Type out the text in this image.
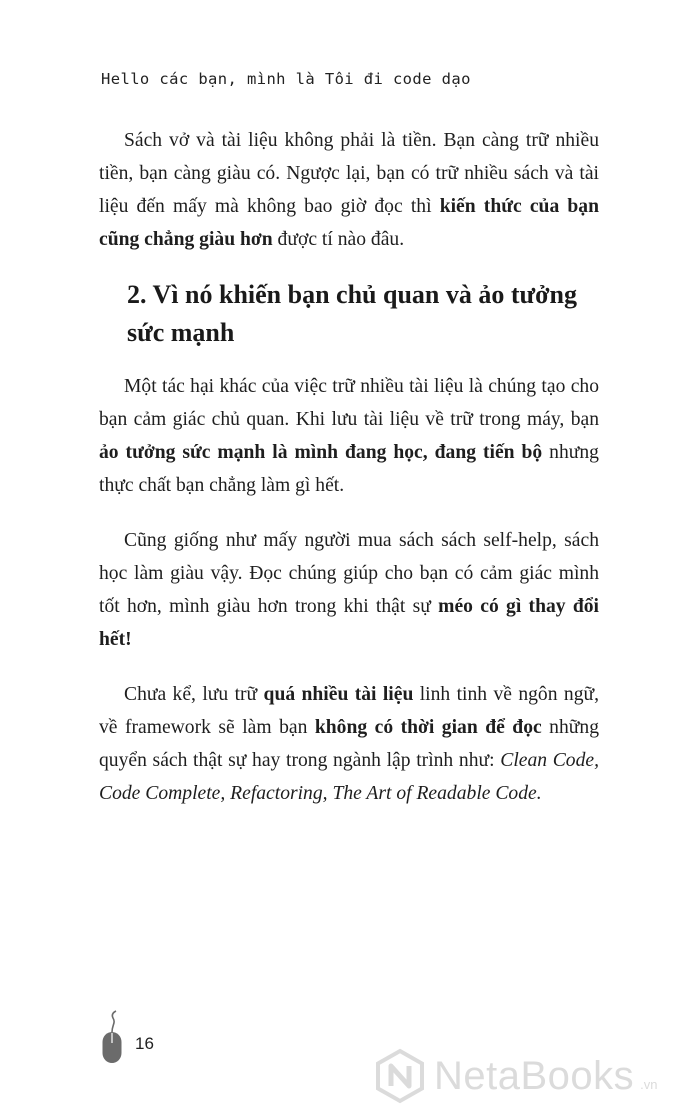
Hello các bạn, mình là Tôi đi code dạo

Sách vở và tài liệu không phải là tiền. Bạn càng trữ nhiều tiền, bạn càng giàu có. Ngược lại, bạn có trữ nhiều sách và tài liệu đến mấy mà không bao giờ đọc thì kiến thức của bạn cũng chẳng giàu hơn được tí nào đâu.

2. Vì nó khiến bạn chủ quan và ảo tưởng sức mạnh

Một tác hại khác của việc trữ nhiều tài liệu là chúng tạo cho bạn cảm giác chủ quan. Khi lưu tài liệu về trữ trong máy, bạn ảo tưởng sức mạnh là mình đang học, đang tiến bộ nhưng thực chất bạn chẳng làm gì hết.

Cũng giống như mấy người mua sách sách self-help, sách học làm giàu vậy. Đọc chúng giúp cho bạn có cảm giác mình tốt hơn, mình giàu hơn trong khi thật sự méo có gì thay đổi hết!

Chưa kể, lưu trữ quá nhiều tài liệu linh tinh về ngôn ngữ, về framework sẽ làm bạn không có thời gian để đọc những quyển sách thật sự hay trong ngành lập trình như: Clean Code, Code Complete, Refactoring, The Art of Readable Code.

16
NetaBooks .vn
